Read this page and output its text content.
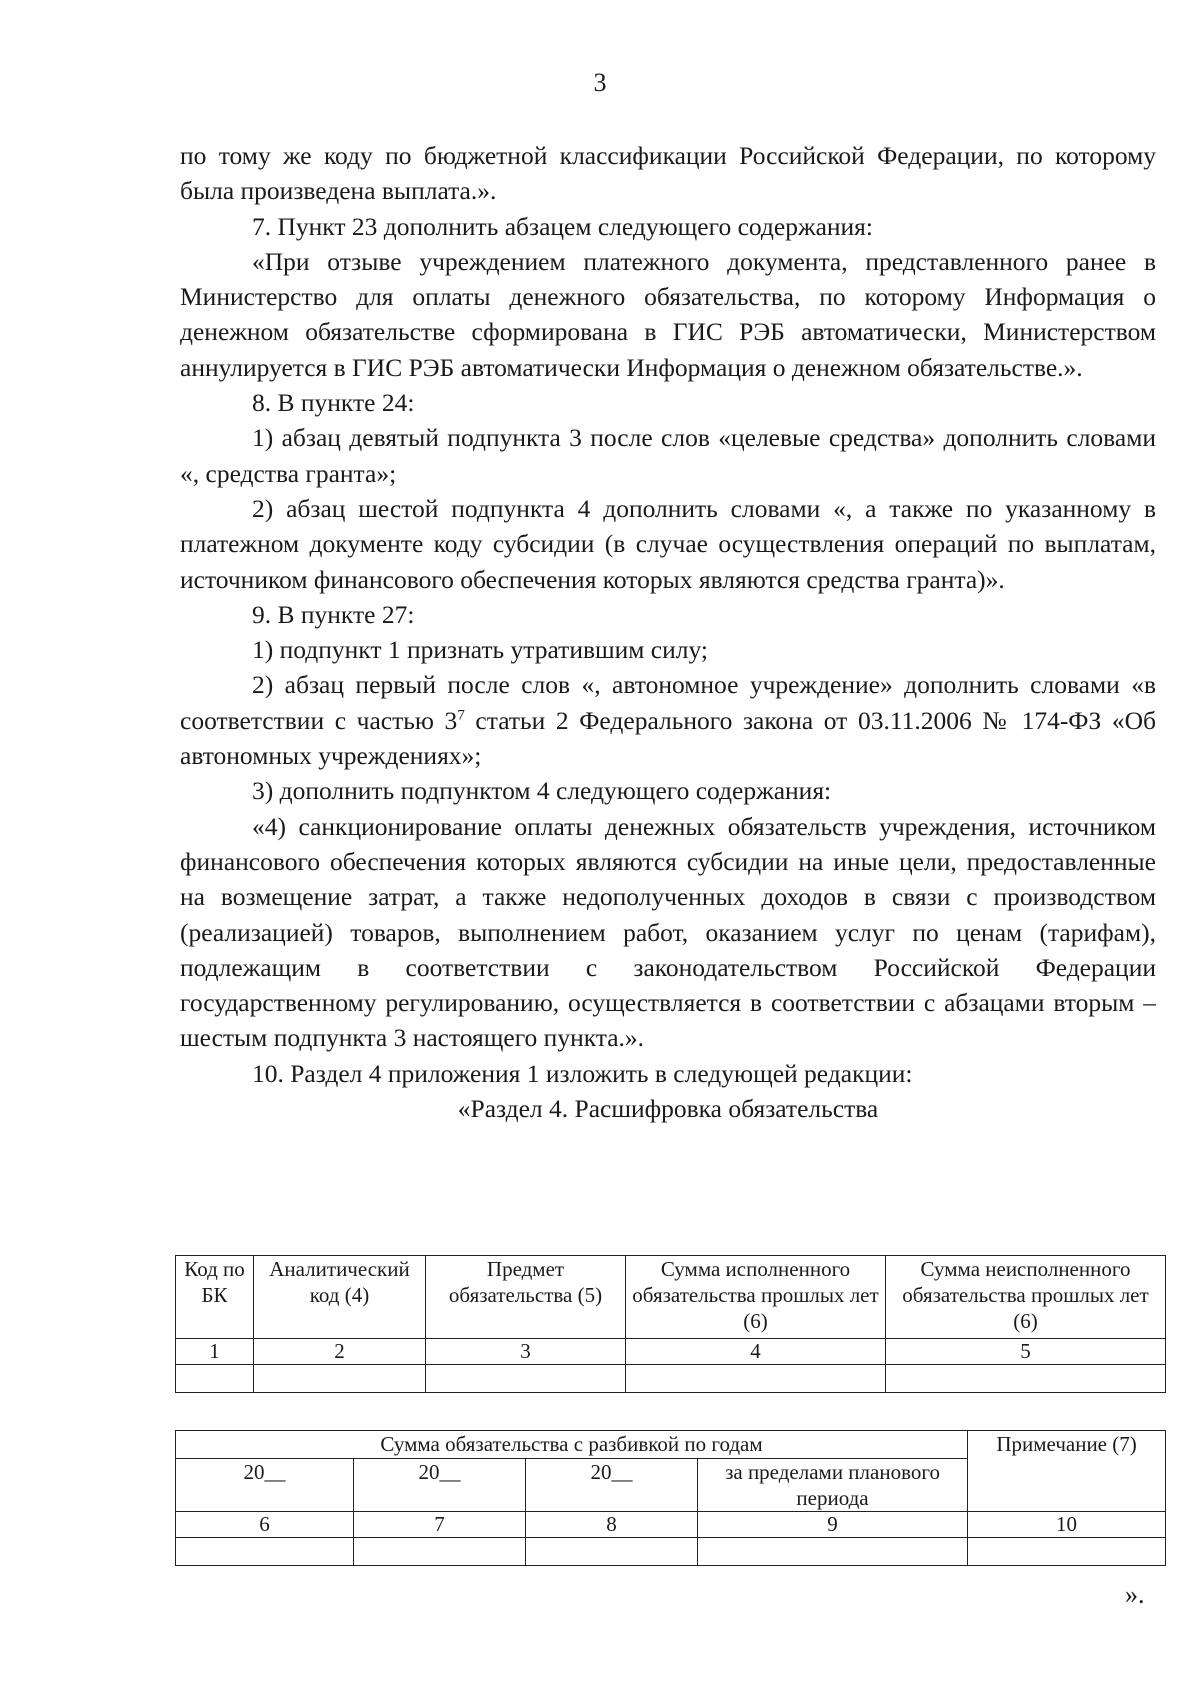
3

по тому же коду по бюджетной классификации Российской Федерации, по которому была произведена выплата.».

7. Пункт 23 дополнить абзацем следующего содержания:

«При отзыве учреждением платежного документа, представленного ранее в Министерство для оплаты денежного обязательства, по которому Информация о денежном обязательстве сформирована в ГИС РЭБ автоматически, Министерством аннулируется в ГИС РЭБ автоматически Информация о денежном обязательстве.».

8. В пункте 24:

1) абзац девятый подпункта 3 после слов «целевые средства» дополнить словами «, средства гранта»;

2) абзац шестой подпункта 4 дополнить словами «, а также по указанному в платежном документе коду субсидии (в случае осуществления операций по выплатам, источником финансового обеспечения которых являются средства гранта)».

9. В пункте 27:

1) подпункт 1 признать утратившим силу;

2) абзац первый после слов «, автономное учреждение» дополнить словами «в соответствии с частью $3^7$ статьи 2 Федерального закона от 03.11.2006 № 174-ФЗ «Об автономных учреждениях»;

3) дополнить подпунктом 4 следующего содержания:

«4) санкционирование оплаты денежных обязательств учреждения, источником финансового обеспечения которых являются субсидии на иные цели, предоставленные на возмещение затрат, а также недополученных доходов в связи с производством (реализацией) товаров, выполнением работ, оказанием услуг по ценам (тарифам), подлежащим в соответствии с законодательством Российской Федерации государственному регулированию, осуществляется в соответствии с абзацами вторым – шестым подпункта 3 настоящего пункта.».

10. Раздел 4 приложения 1 изложить в следующей редакции:

«Раздел 4. Расшифровка обязательства

Код по БК	Аналитический код (4)	Предмет обязательства (5)	Сумма исполненного обязательства прошлых лет (6)	Сумма неисполненного обязательства прошлых лет (6)
1	2	3	4	5

Сумма обязательства с разбивкой по годам				Примечание (7)
20__	20__	20__	за пределами планового периода	
6	7	8	9	10

».
